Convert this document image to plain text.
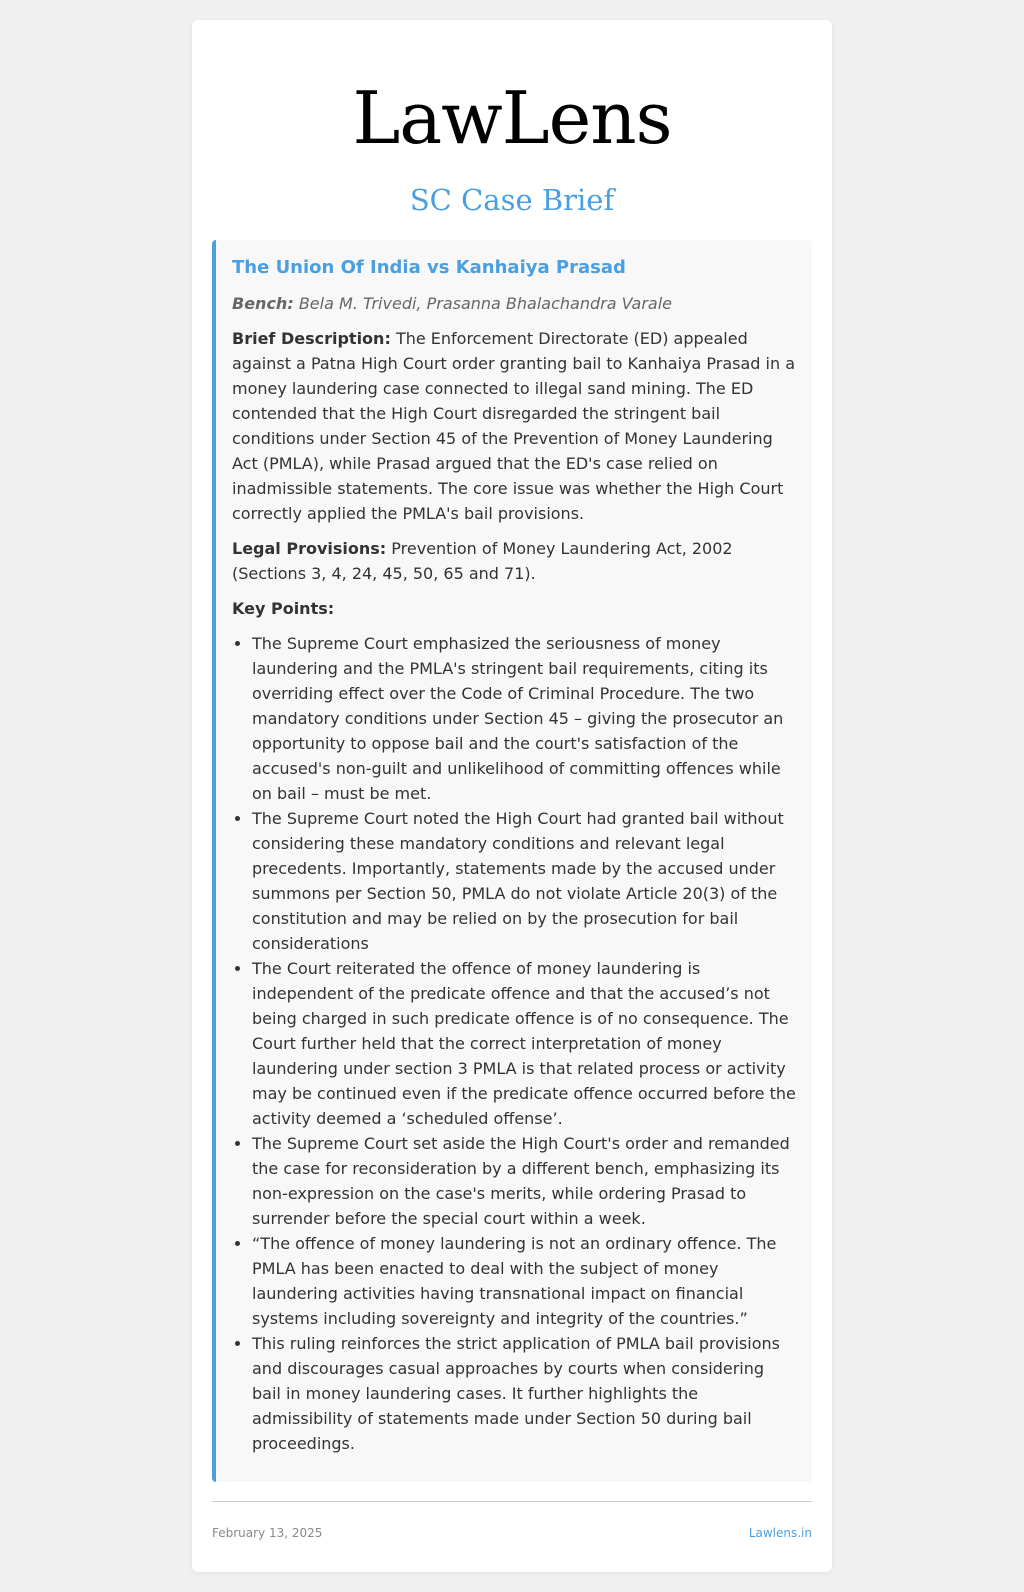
LawLens
SC Case Brief
The Union Of India vs Kanhaiya Prasad
Bench: Bela M. Trivedi, Prasanna Bhalachandra Varale
Brief Description: The Enforcement Directorate (ED) appealed against a Patna High Court order granting bail to Kanhaiya Prasad in a money laundering case connected to illegal sand mining. The ED contended that the High Court disregarded the stringent bail conditions under Section 45 of the Prevention of Money Laundering Act (PMLA), while Prasad argued that the ED's case relied on inadmissible statements. The core issue was whether the High Court correctly applied the PMLA's bail provisions.
Legal Provisions: Prevention of Money Laundering Act, 2002 (Sections 3, 4, 24, 45, 50, 65 and 71).
Key Points:
• The Supreme Court emphasized the seriousness of money laundering and the PMLA's stringent bail requirements, citing its overriding effect over the Code of Criminal Procedure. The two mandatory conditions under Section 45 – giving the prosecutor an opportunity to oppose bail and the court's satisfaction of the accused's non-guilt and unlikelihood of committing offences while on bail – must be met.
• The Supreme Court noted the High Court had granted bail without considering these mandatory conditions and relevant legal precedents. Importantly, statements made by the accused under summons per Section 50, PMLA do not violate Article 20(3) of the constitution and may be relied on by the prosecution for bail considerations
• The Court reiterated the offence of money laundering is independent of the predicate offence and that the accused’s not being charged in such predicate offence is of no consequence. The Court further held that the correct interpretation of money laundering under section 3 PMLA is that related process or activity may be continued even if the predicate offence occurred before the activity deemed a ‘scheduled offense’.
• The Supreme Court set aside the High Court's order and remanded the case for reconsideration by a different bench, emphasizing its non-expression on the case's merits, while ordering Prasad to surrender before the special court within a week.
• “The offence of money laundering is not an ordinary offence. The PMLA has been enacted to deal with the subject of money laundering activities having transnational impact on financial systems including sovereignty and integrity of the countries.”
• This ruling reinforces the strict application of PMLA bail provisions and discourages casual approaches by courts when considering bail in money laundering cases. It further highlights the admissibility of statements made under Section 50 during bail proceedings.
February 13, 2025	Lawlens.in
